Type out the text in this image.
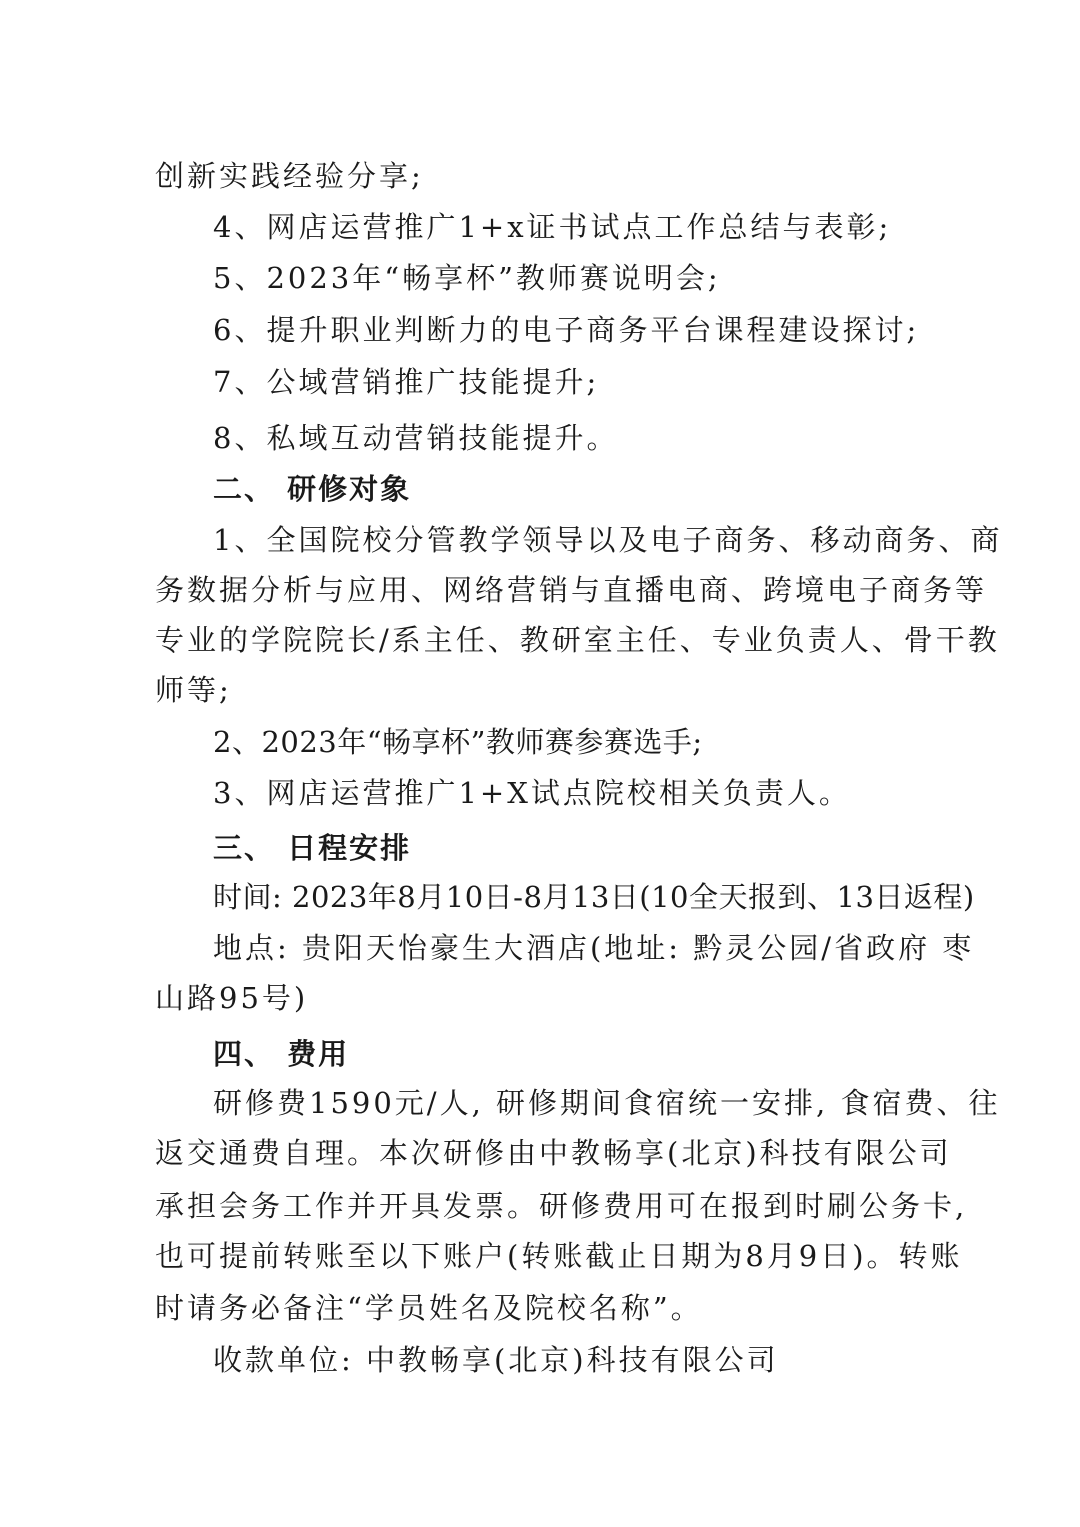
创新实践经验分享;
4、网店运营推广1+x证书试点工作总结与表彰;
5、2023年“畅享杯”教师赛说明会;
6、提升职业判断力的电子商务平台课程建设探讨;
7、公域营销推广技能提升;
8、私域互动营销技能提升。
二、 研修对象
1、全国院校分管教学领导以及电子商务、移动商务、商
务数据分析与应用、网络营销与直播电商、跨境电子商务等
专业的学院院长/系主任、教研室主任、专业负责人、骨干教
师等;
2、2023年“畅享杯”教师赛参赛选手;
3、网店运营推广1+X试点院校相关负责人。
三、 日程安排
时间: 2023年8月10日-8月13日(10全天报到、13日返程)
地点: 贵阳天怡豪生大酒店(地址: 黔灵公园/省政府 枣
山路95号)
四、 费用
研修费1590元/人, 研修期间食宿统一安排, 食宿费、往
返交通费自理。本次研修由中教畅享(北京)科技有限公司
承担会务工作并开具发票。研修费用可在报到时刷公务卡,
也可提前转账至以下账户(转账截止日期为8月9日)。转账
时请务必备注“学员姓名及院校名称”。
收款单位: 中教畅享(北京)科技有限公司
